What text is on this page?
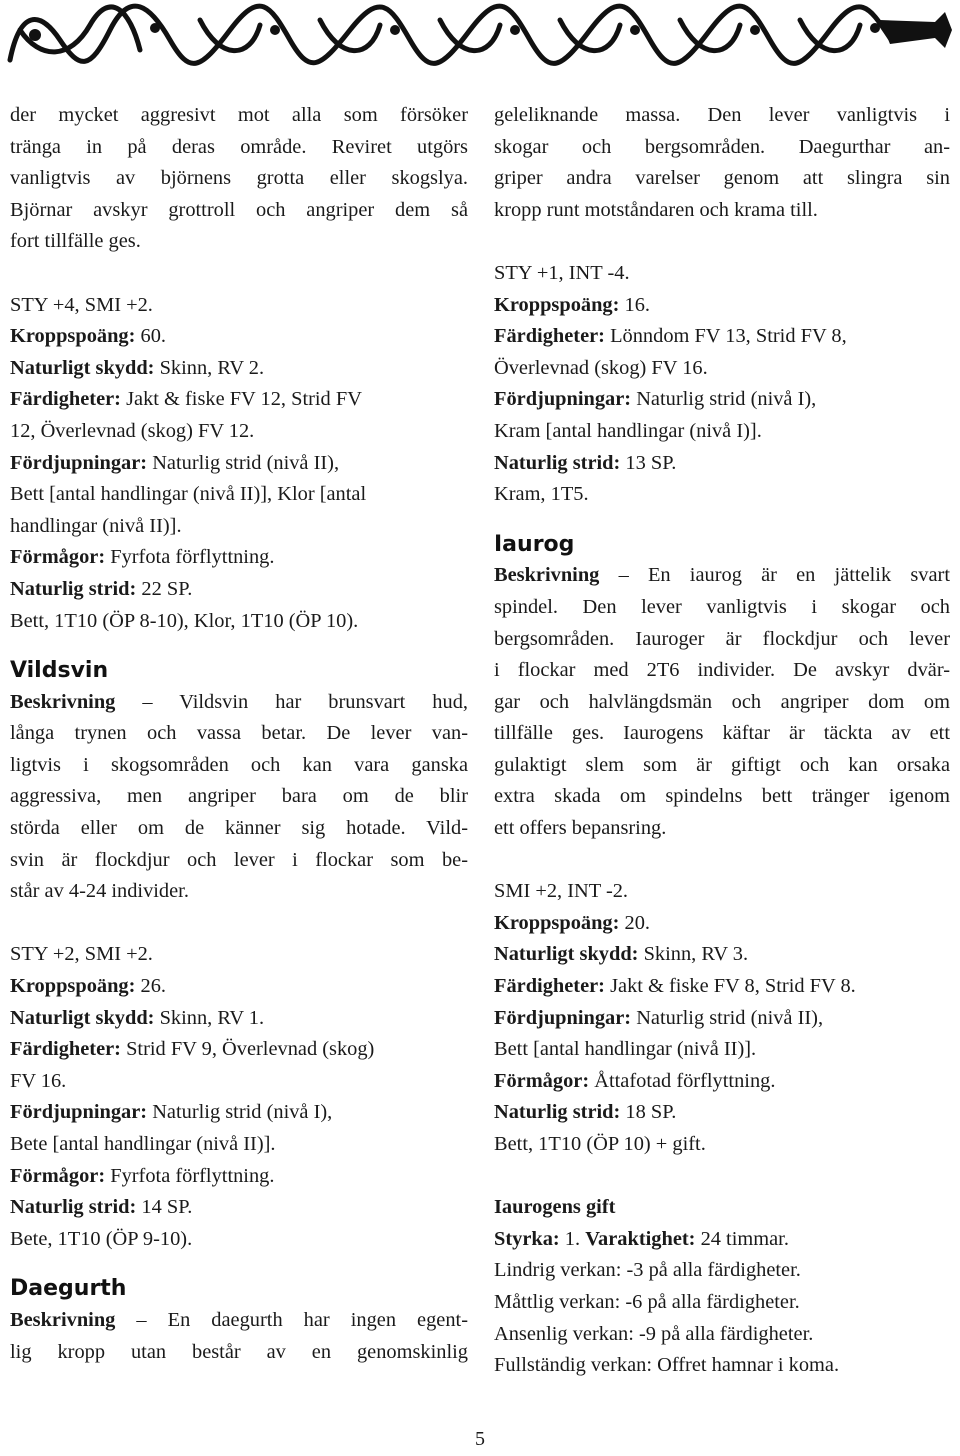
der mycket aggresivt mot alla som försöker
tränga in på deras område. Reviret utgörs
vanligtvis av björnens grotta eller skogslya.
Björnar avskyr grottroll och angriper dem så
fort tillfälle ges.
STY +4, SMI +2.
Kroppspoäng: 60.
Naturligt skydd: Skinn, RV 2.
Färdigheter: Jakt & fiske FV 12, Strid FV
12, Överlevnad (skog) FV 12.
Fördjupningar: Naturlig strid (nivå II),
Bett [antal handlingar (nivå II)], Klor [antal
handlingar (nivå II)].
Förmågor: Fyrfota förflyttning.
Naturlig strid: 22 SP.
Bett, 1T10 (ÖP 8-10), Klor, 1T10 (ÖP 10).
Vildsvin
Beskrivning – Vildsvin har brunsvart hud,
långa trynen och vassa betar. De lever van-
ligtvis i skogsområden och kan vara ganska
aggressiva, men angriper bara om de blir
störda eller om de känner sig hotade. Vild-
svin är flockdjur och lever i flockar som be-
står av 4-24 individer.
STY +2, SMI +2.
Kroppspoäng: 26.
Naturligt skydd: Skinn, RV 1.
Färdigheter: Strid FV 9, Överlevnad (skog)
FV 16.
Fördjupningar: Naturlig strid (nivå I),
Bete [antal handlingar (nivå II)].
Förmågor: Fyrfota förflyttning.
Naturlig strid: 14 SP.
Bete, 1T10 (ÖP 9-10).
Daegurth
Beskrivning – En daegurth har ingen egent-
lig kropp utan består av en genomskinlig
geleliknande massa. Den lever vanligtvis i
skogar och bergsområden. Daegurthar an-
griper andra varelser genom att slingra sin
kropp runt motståndaren och krama till.
STY +1, INT -4.
Kroppspoäng: 16.
Färdigheter: Lönndom FV 13, Strid FV 8,
Överlevnad (skog) FV 16.
Fördjupningar: Naturlig strid (nivå I),
Kram [antal handlingar (nivå I)].
Naturlig strid: 13 SP.
Kram, 1T5.
Iaurog
Beskrivning – En iaurog är en jättelik svart
spindel. Den lever vanligtvis i skogar och
bergsområden. Iauroger är flockdjur och lever
i flockar med 2T6 individer. De avskyr dvär-
gar och halvlängdsmän och angriper dom om
tillfälle ges. Iaurogens käftar är täckta av ett
gulaktigt slem som är giftigt och kan orsaka
extra skada om spindelns bett tränger igenom
ett offers bepansring.
SMI +2, INT -2.
Kroppspoäng: 20.
Naturligt skydd: Skinn, RV 3.
Färdigheter: Jakt & fiske FV 8, Strid FV 8.
Fördjupningar: Naturlig strid (nivå II),
Bett [antal handlingar (nivå II)].
Förmågor: Åttafotad förflyttning.
Naturlig strid: 18 SP.
Bett, 1T10 (ÖP 10) + gift.
Iaurogens gift
Styrka: 1. Varaktighet: 24 timmar.
Lindrig verkan: -3 på alla färdigheter.
Måttlig verkan: -6 på alla färdigheter.
Ansenlig verkan: -9 på alla färdigheter.
Fullständig verkan: Offret hamnar i koma.
5
